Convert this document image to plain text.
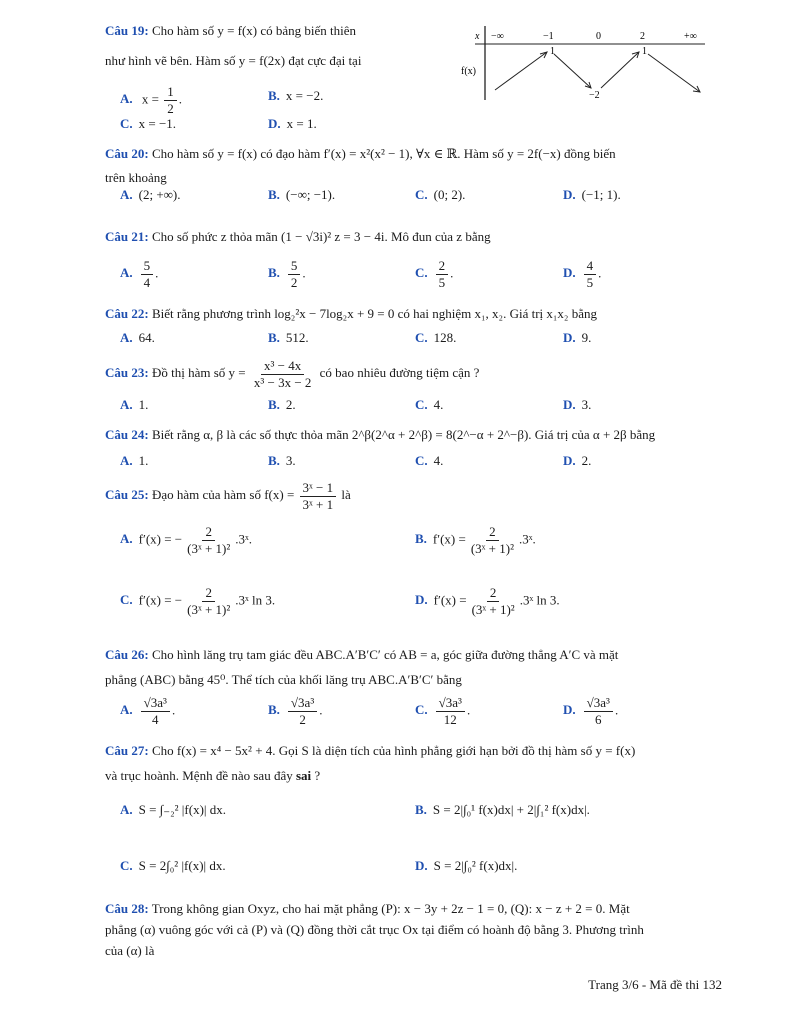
Câu 19: Cho hàm số y = f(x) có bảng biến thiên
như hình vẽ bên. Hàm số y = f(2x) đạt cực đại tại
x
f(x)
−∞	−1	0	2	+∞
1	1
−2
A. $x = \frac{1}{2}$ .	B. x = −2.
C. x = −1.	D. x = 1.
Câu 20: Cho hàm số y = f(x) có đạo hàm f′(x) = x²(x² − 1), ∀x ∈ ℝ. Hàm số y = 2f(−x) đồng biến
trên khoảng
A. (2; +∞).	B. (−∞; −1).	C. (0; 2).	D. (−1; 1).
Câu 21: Cho số phức z thỏa mãn (1 − √3i)² z = 3 − 4i. Mô đun của z bằng
A. $\frac{5}{4}$ .	B. $\frac{5}{2}$ .	C. $\frac{2}{5}$ .	D. $\frac{4}{5}$ .
Câu 22: Biết rằng phương trình log₂²x − 7log₂x + 9 = 0 có hai nghiệm x₁, x₂. Giá trị x₁x₂ bằng
A. 64.	B. 512.	C. 128.	D. 9.
Câu 23: Đồ thị hàm số $y = \frac{\text{x³ − 4x}}{\text{x³ − 3x − 2}}$ có bao nhiêu đường tiệm cận ?
A. 1.	B. 2.	C. 4.	D. 3.
Câu 24: Biết rằng α, β là các số thực thỏa mãn 2^β(2^α + 2^β) = 8(2^−α + 2^−β). Giá trị của α + 2β bằng
A. 1.	B. 3.	C. 4.	D. 2.
Câu 25: Đạo hàm của hàm số $f(x) = \frac{\text{3ˣ − 1}}{\text{3ˣ + 1}}$ là
A. f′(x) = − $\frac{2}{\text{(3ˣ + 1)²}}$ .3ˣ.	B. $f'(x) = \frac{2}{\text{(3ˣ + 1)²}}$ .3ˣ.
C. f′(x) = − $\frac{2}{\text{(3ˣ + 1)²}}$ .3ˣ ln 3.	D. $f'(x) = \frac{2}{\text{(3ˣ + 1)²}}$ .3ˣ ln 3.
Câu 26: Cho hình lăng trụ tam giác đều ABC.A′B′C′ có AB = a, góc giữa đường thẳng A′C và mặt
phẳng (ABC) bằng 45⁰. Thể tích của khối lăng trụ ABC.A′B′C′ bằng
A. $\frac{\text{√3a³}}{4}$ .	B. $\frac{\text{√3a³}}{2}$ .	C. $\frac{\text{√3a³}}{12}$ .	D. $\frac{\text{√3a³}}{6}$ .
Câu 27: Cho f(x) = x⁴ − 5x² + 4. Gọi S là diện tích của hình phẳng giới hạn bởi đồ thị hàm số y = f(x)
và trục hoành. Mệnh đề nào sau đây sai ?
A. S = ∫₋₂² |f(x)| dx.	B. S = 2|∫₀¹ f(x)dx| + 2|∫₁² f(x)dx|.
C. S = 2∫₀² |f(x)| dx.	D. S = 2|∫₀² f(x)dx|.
Câu 28: Trong không gian Oxyz, cho hai mặt phẳng (P): x − 3y + 2z − 1 = 0, (Q): x − z + 2 = 0. Mặt
phẳng (α) vuông góc với cả (P) và (Q) đồng thời cắt trục Ox tại điểm có hoành độ bằng 3. Phương trình
của (α) là
Trang 3/6 - Mã đề thi 132
